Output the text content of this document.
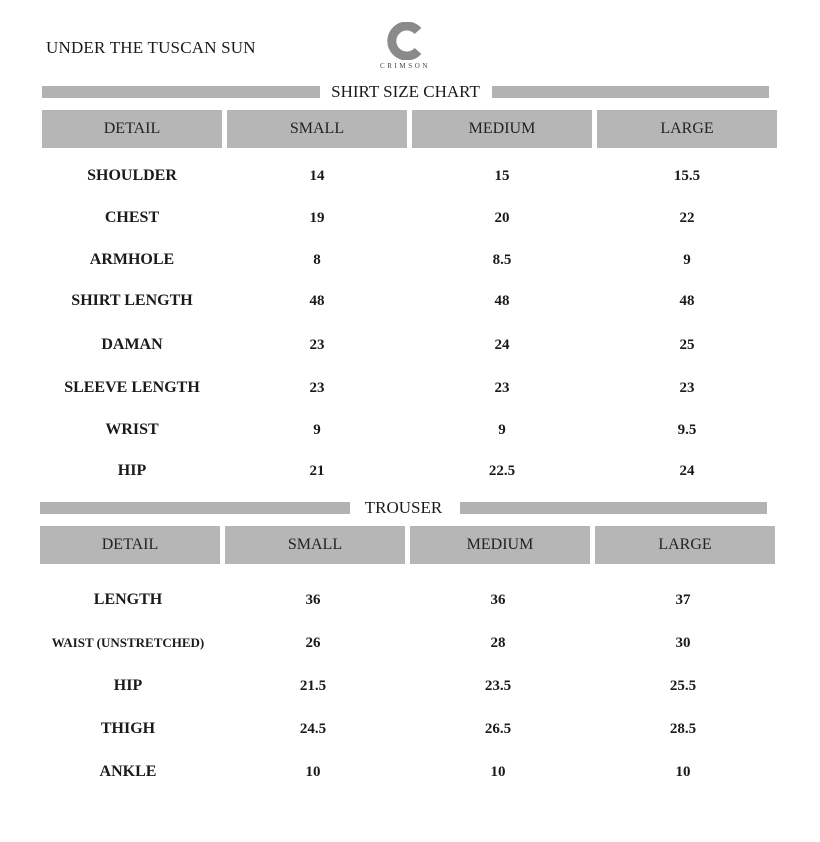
UNDER THE TUSCAN SUN
CRIMSON
SHIRT SIZE CHART
DETAIL	SMALL	MEDIUM	LARGE
SHOULDER	14	15	15.5
CHEST	19	20	22
ARMHOLE	8	8.5	9
SHIRT LENGTH	48	48	48
DAMAN	23	24	25
SLEEVE LENGTH	23	23	23
WRIST	9	9	9.5
HIP	21	22.5	24
TROUSER
DETAIL	SMALL	MEDIUM	LARGE
LENGTH	36	36	37
WAIST (UNSTRETCHED)	26	28	30
HIP	21.5	23.5	25.5
THIGH	24.5	26.5	28.5
ANKLE	10	10	10
